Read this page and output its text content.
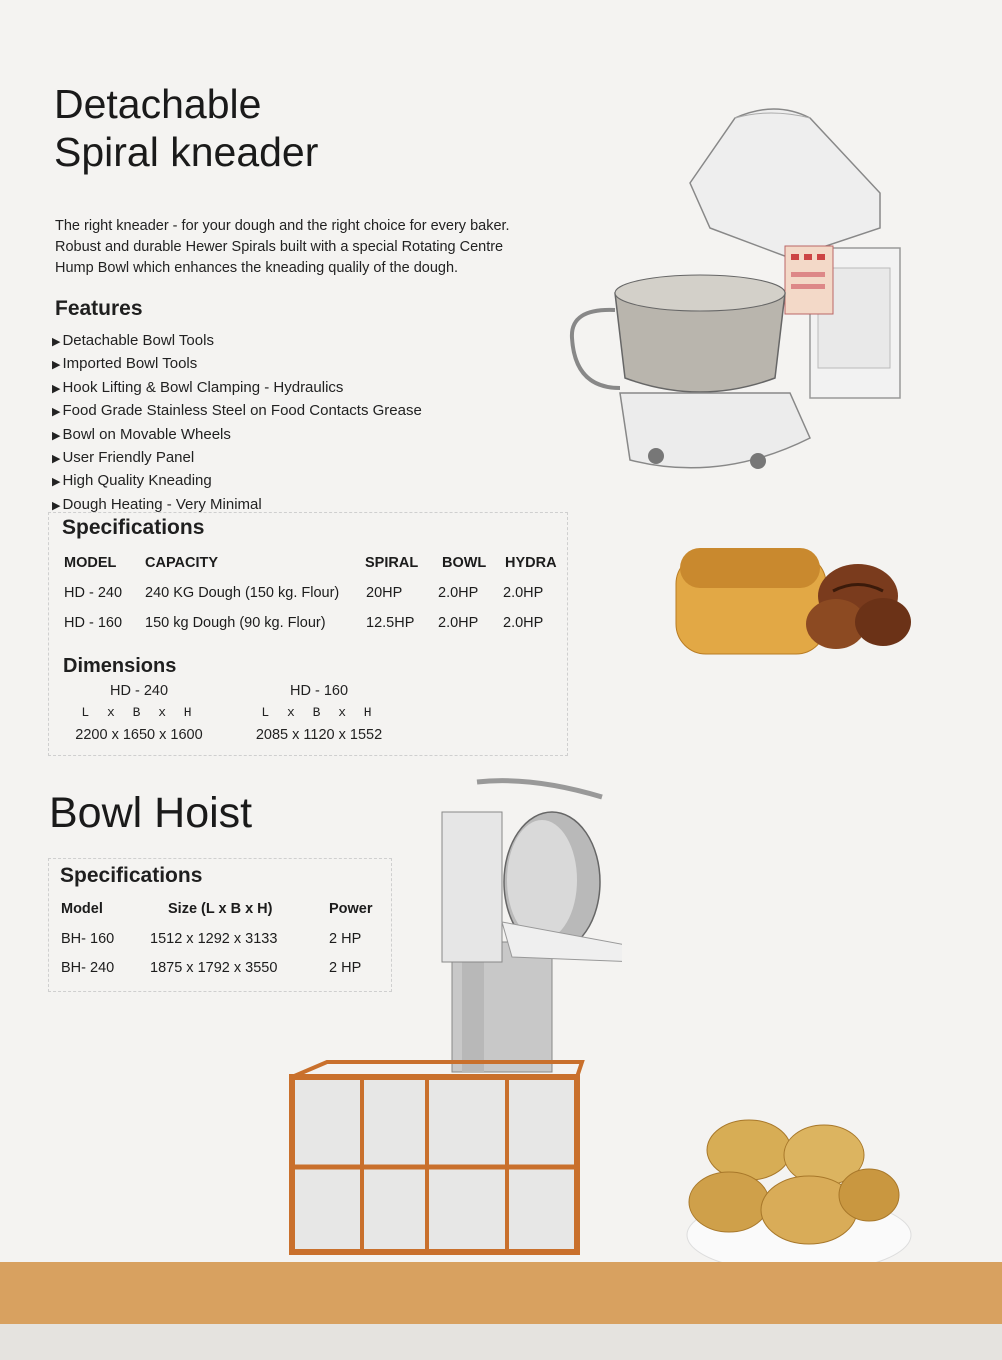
Detachable
Spiral kneader
The right kneader - for your dough and the right choice for every baker.
Robust and durable Hewer Spirals built with a special Rotating Centre
Hump Bowl which enhances the kneading qualily of the dough.
Features
▶ Detachable Bowl Tools
▶ Imported Bowl Tools
▶ Hook Lifting & Bowl Clamping - Hydraulics
▶ Food Grade Stainless Steel on Food Contacts Grease
▶ Bowl on Movable Wheels
▶ User Friendly Panel
▶ High Quality Kneading
▶ Dough Heating - Very Minimal
Specifications
MODEL CAPACITY	SPIRAL BOWL HYDRA
HD - 240 240 KG Dough (150 kg. Flour) 20HP 2.0HP 2.0HP
HD - 160 150 kg Dough (90 kg. Flour)	12.5HP 2.0HP 2.0HP
Dimensions
HD - 240
L x B x H
2200 x 1650 x 1600
HD - 160
L x B x H
2085 x 1120 x 1552
Bowl Hoist
Specifications
Model	Size (L x B x H)	Power
BH- 160 1512 x 1292 x 3133	2 HP
BH- 240 1875 x 1792 x 3550	2 HP
